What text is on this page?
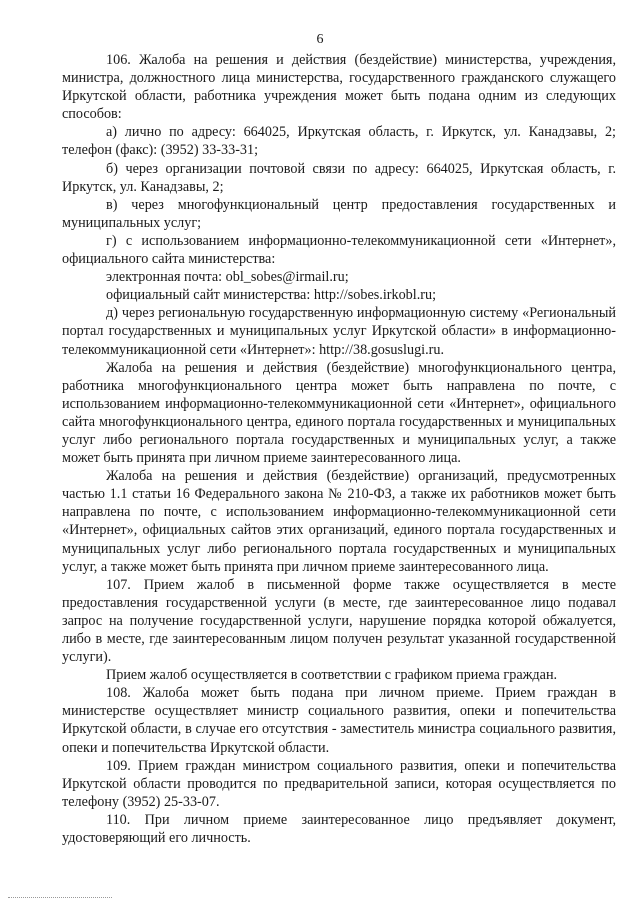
6

106. Жалоба на решения и действия (бездействие) министерства, учреждения, министра, должностного лица министерства, государственного гражданского служащего Иркутской области, работника учреждения может быть подана одним из следующих способов:

а) лично по адресу: 664025, Иркутская область, г. Иркутск, ул. Канадзавы, 2; телефон (факс): (3952) 33-33-31;

б) через организации почтовой связи по адресу: 664025, Иркутская область, г. Иркутск, ул. Канадзавы, 2;

в) через многофункциональный центр предоставления государственных и муниципальных услуг;

г) с использованием информационно-телекоммуникационной сети «Интернет», официального сайта министерства:

электронная почта: obl_sobes@irmail.ru;

официальный сайт министерства: http://sobes.irkobl.ru;

д) через региональную государственную информационную систему «Региональный портал государственных и муниципальных услуг Иркутской области» в информационно-телекоммуникационной сети «Интернет»: http://38.gosuslugi.ru.

Жалоба на решения и действия (бездействие) многофункционального центра, работника многофункционального центра может быть направлена по почте, с использованием информационно-телекоммуникационной сети «Интернет», официального сайта многофункционального центра, единого портала государственных и муниципальных услуг либо регионального портала государственных и муниципальных услуг, а также может быть принята при личном приеме заинтересованного лица.

Жалоба на решения и действия (бездействие) организаций, предусмотренных частью 1.1 статьи 16 Федерального закона № 210-ФЗ, а также их работников может быть направлена по почте, с использованием информационно-телекоммуникационной сети «Интернет», официальных сайтов этих организаций, единого портала государственных и муниципальных услуг либо регионального портала государственных и муниципальных услуг, а также может быть принята при личном приеме заинтересованного лица.

107. Прием жалоб в письменной форме также осуществляется в месте предоставления государственной услуги (в месте, где заинтересованное лицо подавал запрос на получение государственной услуги, нарушение порядка которой обжалуется, либо в месте, где заинтересованным лицом получен результат указанной государственной услуги).

Прием жалоб осуществляется в соответствии с графиком приема граждан.

108. Жалоба может быть подана при личном приеме. Прием граждан в министерстве осуществляет министр социального развития, опеки и попечительства Иркутской области, в случае его отсутствия - заместитель министра социального развития, опеки и попечительства Иркутской области.

109. Прием граждан министром социального развития, опеки и попечительства Иркутской области проводится по предварительной записи, которая осуществляется по телефону (3952) 25-33-07.

110. При личном приеме заинтересованное лицо предъявляет документ, удостоверяющий его личность.
